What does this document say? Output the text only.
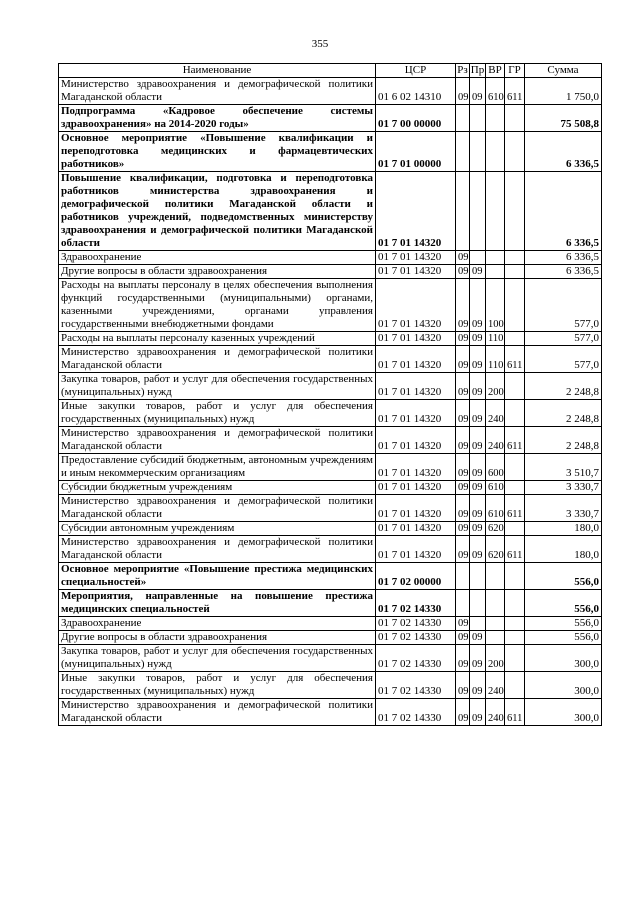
355
Наименование	ЦСР	Рз	Пр	ВР	ГР	Сумма
Министерство здравоохранения и демографической политики Магаданской области	01 6 02 14310	09	09	610	611	1 750,0
Подпрограмма «Кадровое обеспечение системы здравоохранения» на 2014-2020 годы»	01 7 00 00000					75 508,8
Основное мероприятие «Повышение квалификации и переподготовка медицинских и фармацевтических работников»	01 7 01 00000					6 336,5
Повышение квалификации, подготовка и переподготовка работников министерства здравоохранения и демографической политики Магаданской области и работников учреждений, подведомственных министерству здравоохранения и демографической политики Магаданской области	01 7 01 14320					6 336,5
Здравоохранение	01 7 01 14320	09				6 336,5
Другие вопросы в области здравоохранения	01 7 01 14320	09	09			6 336,5
Расходы на выплаты персоналу в целях обеспечения выполнения функций государственными (муниципальными) органами, казенными учреждениями, органами управления государственными внебюджетными фондами	01 7 01 14320	09	09	100		577,0
Расходы на выплаты персоналу казенных учреждений	01 7 01 14320	09	09	110		577,0
Министерство здравоохранения и демографической политики Магаданской области	01 7 01 14320	09	09	110	611	577,0
Закупка товаров, работ и услуг для обеспечения государственных (муниципальных) нужд	01 7 01 14320	09	09	200		2 248,8
Иные закупки товаров, работ и услуг для обеспечения государственных (муниципальных) нужд	01 7 01 14320	09	09	240		2 248,8
Министерство здравоохранения и демографической политики Магаданской области	01 7 01 14320	09	09	240	611	2 248,8
Предоставление субсидий бюджетным, автономным учреждениям и иным некоммерческим организациям	01 7 01 14320	09	09	600		3 510,7
Субсидии бюджетным учреждениям	01 7 01 14320	09	09	610		3 330,7
Министерство здравоохранения и демографической политики Магаданской области	01 7 01 14320	09	09	610	611	3 330,7
Субсидии автономным учреждениям	01 7 01 14320	09	09	620		180,0
Министерство здравоохранения и демографической политики Магаданской области	01 7 01 14320	09	09	620	611	180,0
Основное мероприятие «Повышение престижа медицинских специальностей»	01 7 02 00000					556,0
Мероприятия, направленные на повышение престижа медицинских специальностей	01 7 02 14330					556,0
Здравоохранение	01 7 02 14330	09				556,0
Другие вопросы в области здравоохранения	01 7 02 14330	09	09			556,0
Закупка товаров, работ и услуг для обеспечения государственных (муниципальных) нужд	01 7 02 14330	09	09	200		300,0
Иные закупки товаров, работ и услуг для обеспечения государственных (муниципальных) нужд	01 7 02 14330	09	09	240		300,0
Министерство здравоохранения и демографической политики Магаданской области	01 7 02 14330	09	09	240	611	300,0
